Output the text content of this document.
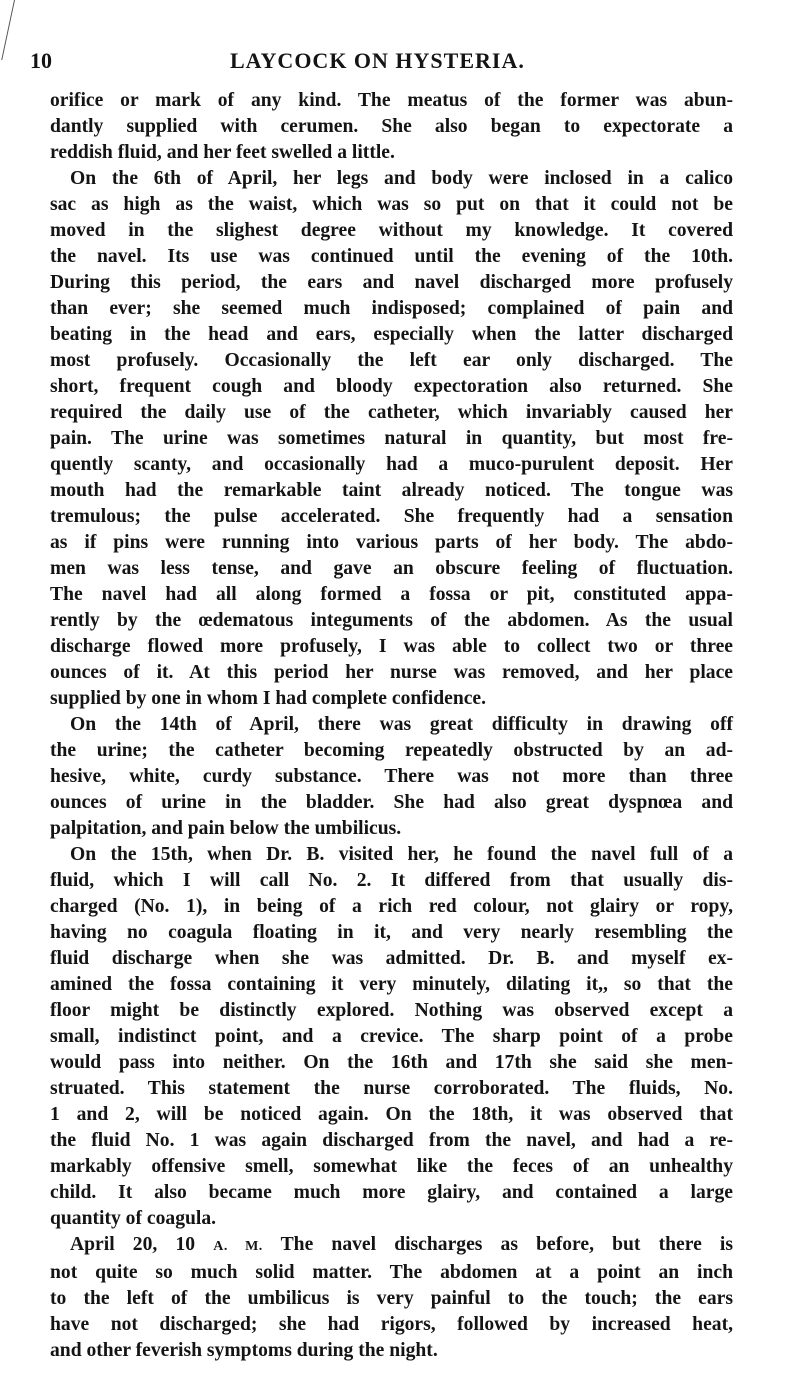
10	LAYCOCK ON HYSTERIA.

orifice or mark of any kind. The meatus of the former was abun-

dantly supplied with cerumen. She also began to expectorate a

reddish fluid, and her feet swelled a little.

On the 6th of April, her legs and body were inclosed in a calico

sac as high as the waist, which was so put on that it could not be

moved in the slighest degree without my knowledge. It covered

the navel. Its use was continued until the evening of the 10th.

During this period, the ears and navel discharged more profusely

than ever; she seemed much indisposed; complained of pain and

beating in the head and ears, especially when the latter discharged

most profusely. Occasionally the left ear only discharged. The

short, frequent cough and bloody expectoration also returned. She

required the daily use of the catheter, which invariably caused her

pain. The urine was sometimes natural in quantity, but most fre-

quently scanty, and occasionally had a muco-purulent deposit. Her

mouth had the remarkable taint already noticed. The tongue was

tremulous; the pulse accelerated. She frequently had a sensation

as if pins were running into various parts of her body. The abdo-

men was less tense, and gave an obscure feeling of fluctuation.

The navel had all along formed a fossa or pit, constituted appa-

rently by the œdematous integuments of the abdomen. As the usual

discharge flowed more profusely, I was able to collect two or three

ounces of it. At this period her nurse was removed, and her place

supplied by one in whom I had complete confidence.

On the 14th of April, there was great difficulty in drawing off

the urine; the catheter becoming repeatedly obstructed by an ad-

hesive, white, curdy substance. There was not more than three

ounces of urine in the bladder. She had also great dyspnœa and

palpitation, and pain below the umbilicus.

On the 15th, when Dr. B. visited her, he found the navel full of a

fluid, which I will call No. 2. It differed from that usually dis-

charged (No. 1), in being of a rich red colour, not glairy or ropy,

having no coagula floating in it, and very nearly resembling the

fluid discharge when she was admitted. Dr. B. and myself ex-

amined the fossa containing it very minutely, dilating it,, so that the

floor might be distinctly explored. Nothing was observed except a

small, indistinct point, and a crevice. The sharp point of a probe

would pass into neither. On the 16th and 17th she said she men-

struated. This statement the nurse corroborated. The fluids, No.

1 and 2, will be noticed again. On the 18th, it was observed that

the fluid No. 1 was again discharged from the navel, and had a re-

markably offensive smell, somewhat like the feces of an unhealthy

child. It also became much more glairy, and contained a large

quantity of coagula.

April 20, 10 A. M. The navel discharges as before, but there is

not quite so much solid matter. The abdomen at a point an inch

to the left of the umbilicus is very painful to the touch; the ears

have not discharged; she had rigors, followed by increased heat,

and other feverish symptoms during the night.
